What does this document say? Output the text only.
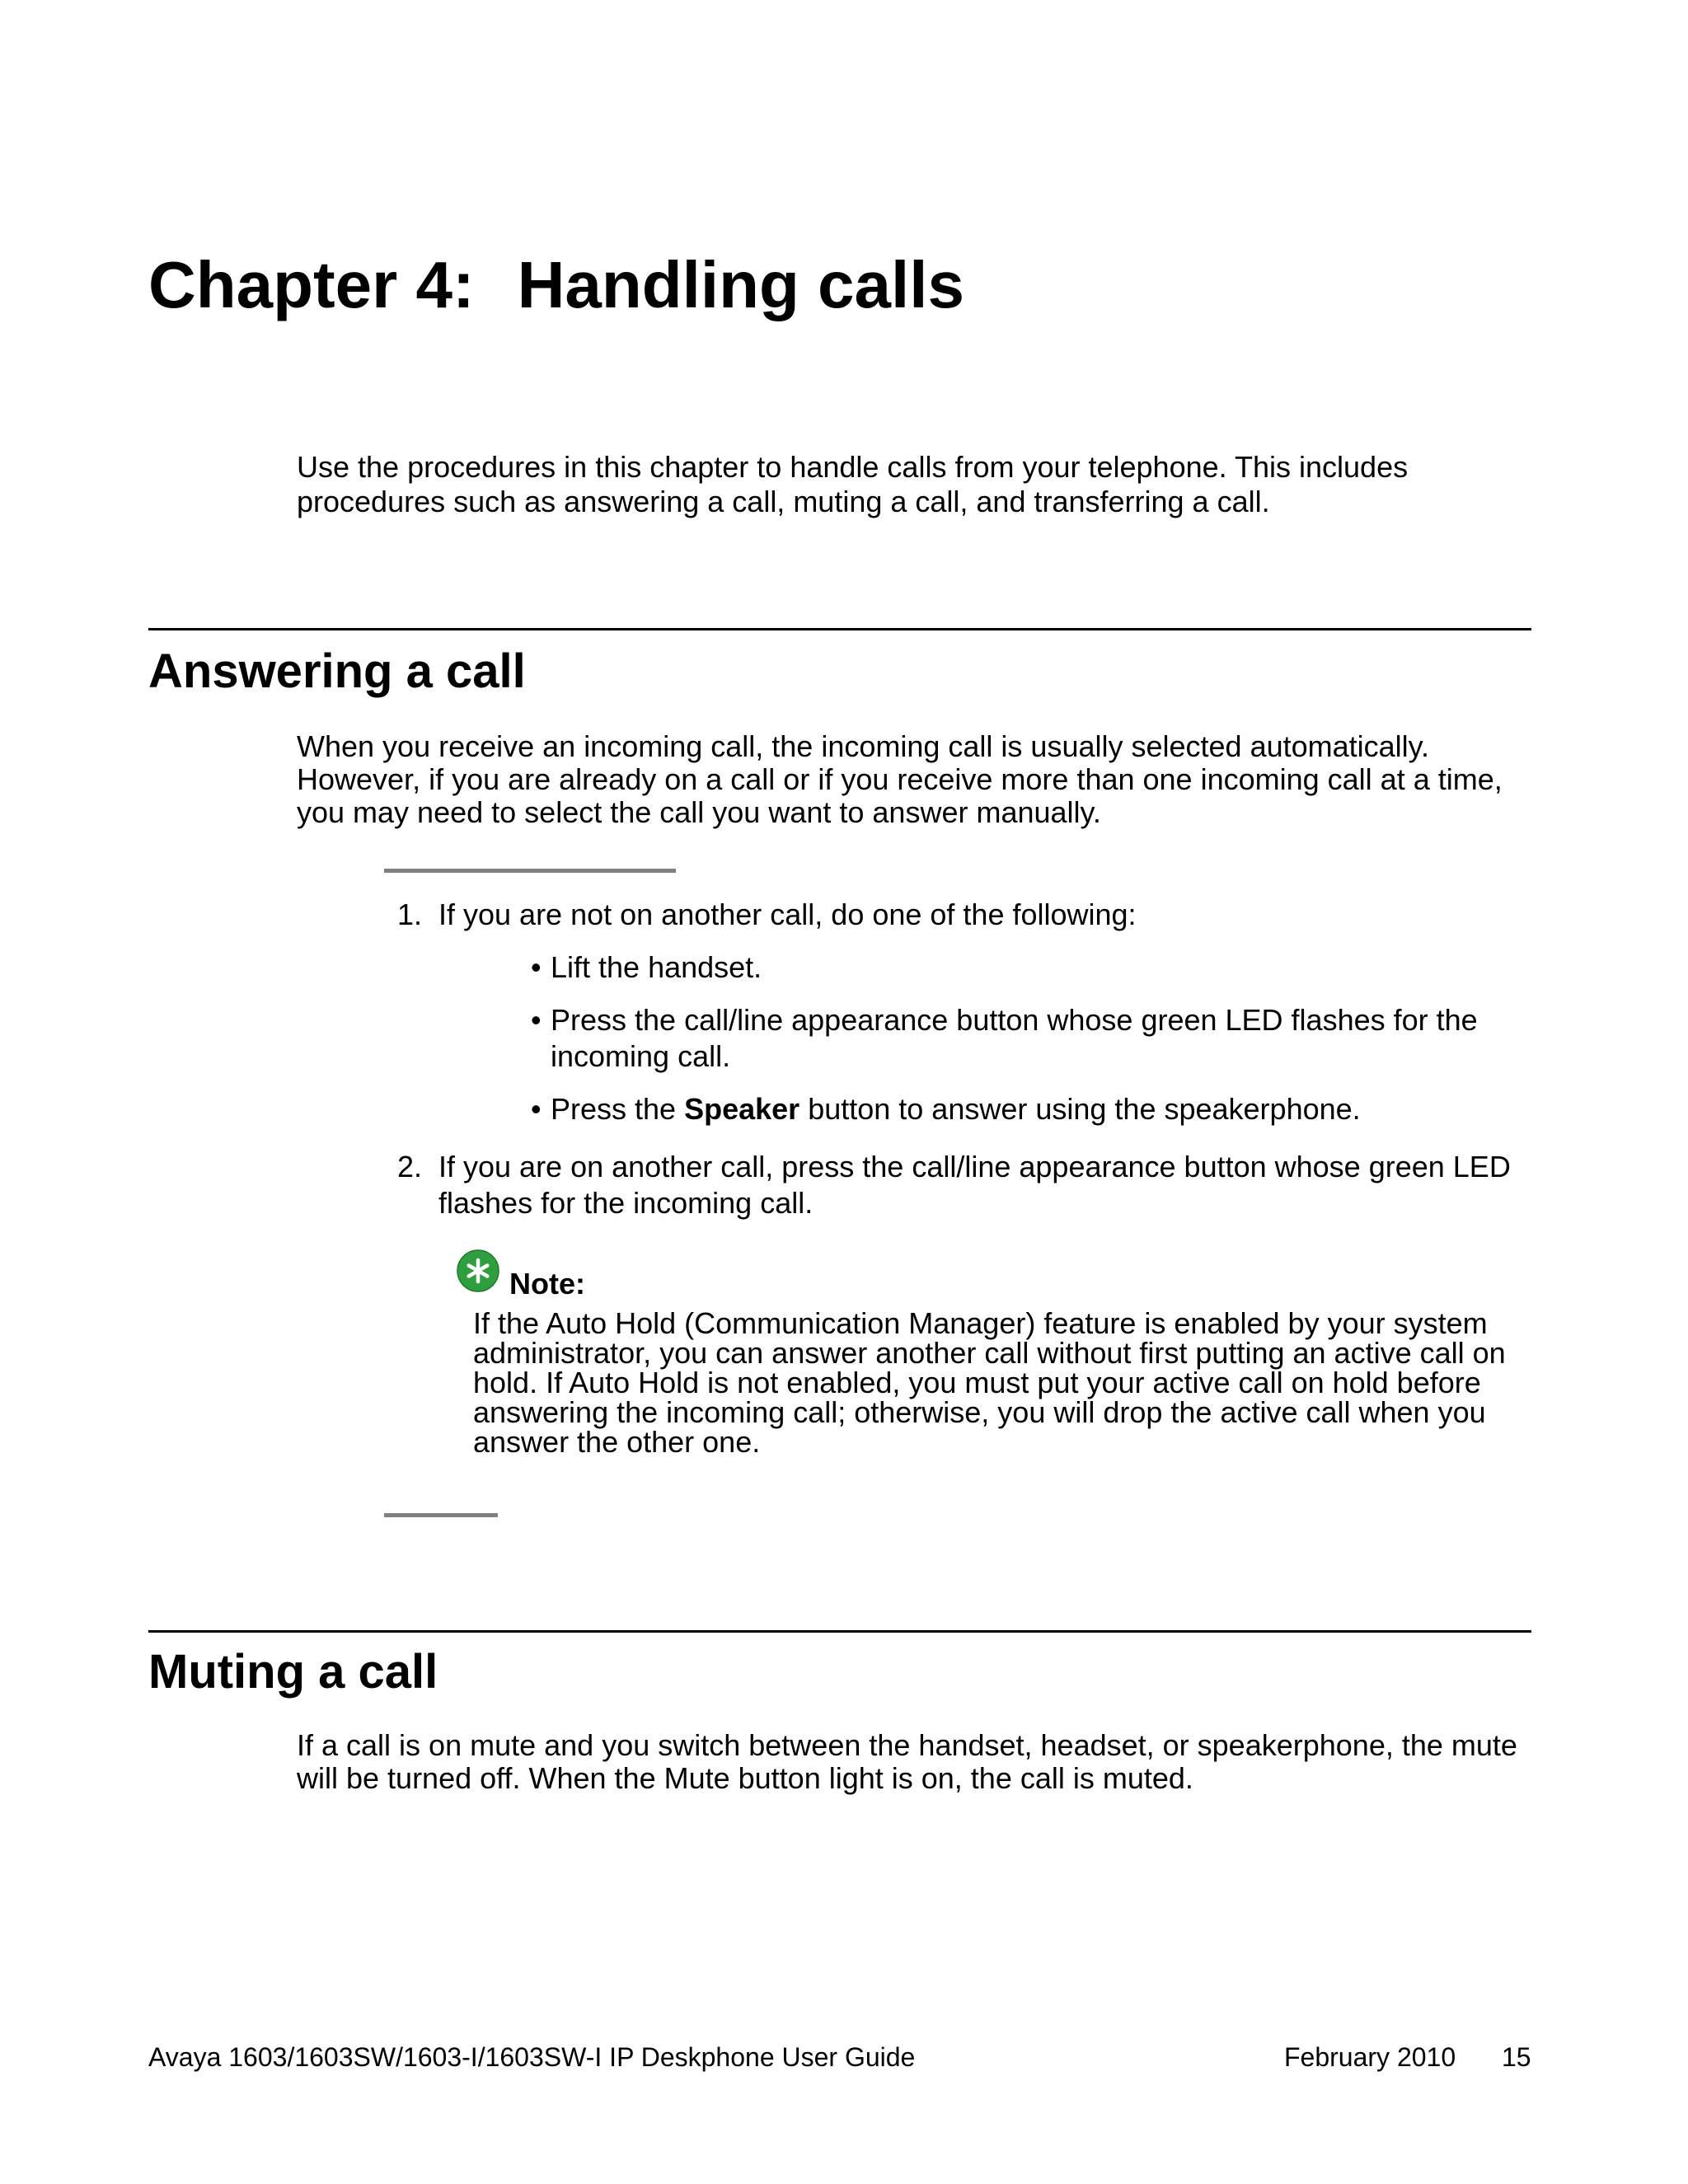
Chapter 4: Handling calls
Use the procedures in this chapter to handle calls from your telephone. This includes procedures such as answering a call, muting a call, and transferring a call.
Answering a call
When you receive an incoming call, the incoming call is usually selected automatically. However, if you are already on a call or if you receive more than one incoming call at a time, you may need to select the call you want to answer manually.
1. If you are not on another call, do one of the following:
• Lift the handset.
• Press the call/line appearance button whose green LED flashes for the incoming call.
• Press the Speaker button to answer using the speakerphone.
2. If you are on another call, press the call/line appearance button whose green LED flashes for the incoming call.
Note:
If the Auto Hold (Communication Manager) feature is enabled by your system administrator, you can answer another call without first putting an active call on hold. If Auto Hold is not enabled, you must put your active call on hold before answering the incoming call; otherwise, you will drop the active call when you answer the other one.
Muting a call
If a call is on mute and you switch between the handset, headset, or speakerphone, the mute will be turned off. When the Mute button light is on, the call is muted.
Avaya 1603/1603SW/1603-I/1603SW-I IP Deskphone User Guide	February 2010 15
